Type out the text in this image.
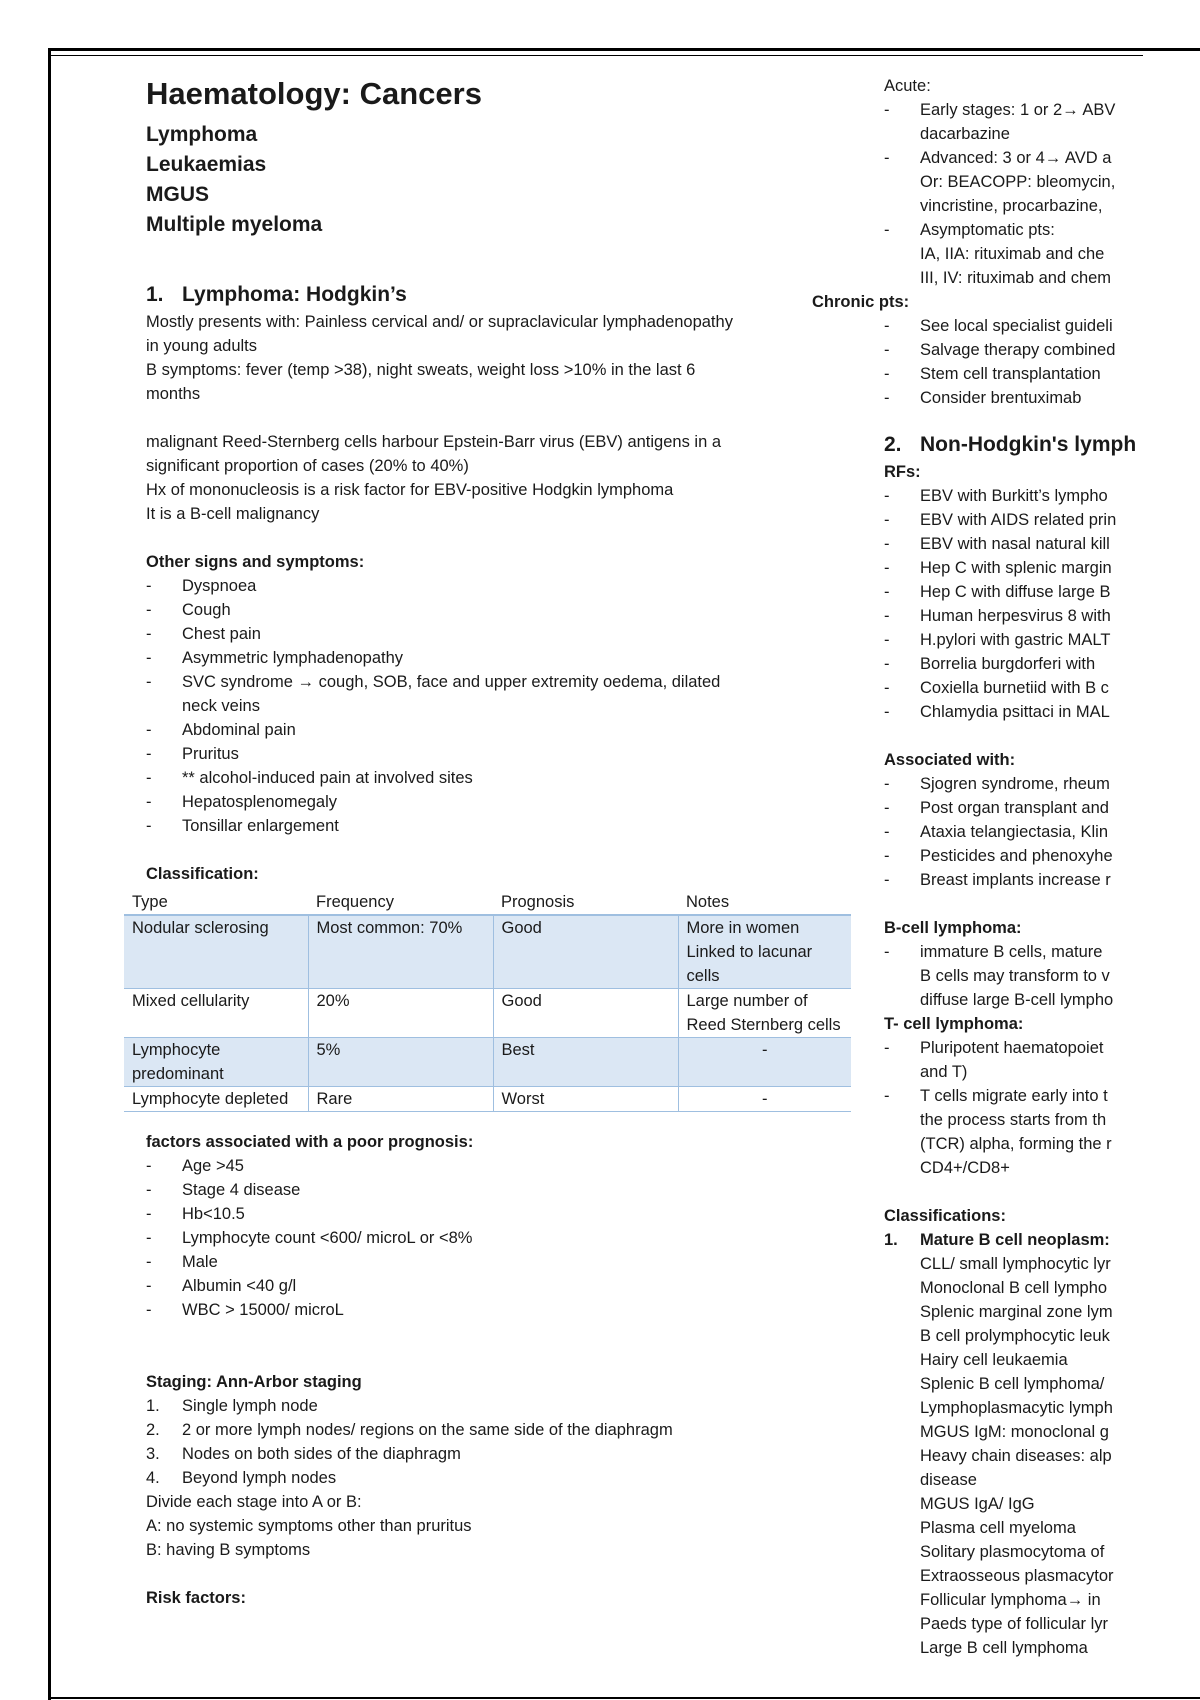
Haematology: Cancers
Lymphoma
Leukaemias
MGUS
Multiple myeloma
1. Lymphoma: Hodgkin’s

Mostly presents with: Painless cervical and/ or supraclavicular lymphadenopathy

in young adults

B symptoms: fever (temp >38), night sweats, weight loss >10% in the last 6

months

malignant Reed-Sternberg cells harbour Epstein-Barr virus (EBV) antigens in a

significant proportion of cases (20% to 40%)

Hx of mononucleosis is a risk factor for EBV-positive Hodgkin lymphoma

It is a B-cell malignancy

Other signs and symptoms:
- Dyspnoea
- Cough
- Chest pain
- Asymmetric lymphadenopathy
- SVC syndrome → cough, SOB, face and upper extremity oedema, dilated neck veins
- Abdominal pain
- Pruritus
- ** alcohol-induced pain at involved sites
- Hepatosplenomegaly
- Tonsillar enlargement
Classification:
Type	Frequency	Prognosis	Notes
Nodular sclerosing	Most common: 70%	Good	More in women Linked to lacunar cells
Mixed cellularity	20%	Good	Large number of Reed Sternberg cells
Lymphocyte predominant	5%	Best	-
Lymphocyte depleted	Rare	Worst	-
factors associated with a poor prognosis:
- Age >45
- Stage 4 disease
- Hb<10.5
- Lymphocyte count <600/ microL or <8%
- Male
- Albumin <40 g/l
- WBC > 15000/ microL
Staging: Ann-Arbor staging
1. Single lymph node
2. 2 or more lymph nodes/ regions on the same side of the diaphragm
3. Nodes on both sides of the diaphragm
4. Beyond lymph nodes

Divide each stage into A or B:

A: no systemic symptoms other than pruritus

B: having B symptoms

Risk factors:
Acute:
- Early stages: 1 or 2→ ABV
dacarbazine
- Advanced: 3 or 4→ AVD a
Or: BEACOPP: bleomycin,
vincristine, procarbazine,
- Asymptomatic pts:
IA, IIA: rituximab and che
III, IV: rituximab and chem
Chronic pts:
- See local specialist guideli
- Salvage therapy combined
- Stem cell transplantation
- Consider brentuximab
2. Non-Hodgkin's lymph
RFs:
- EBV with Burkitt’s lympho
- EBV with AIDS related prin
- EBV with nasal natural kill
- Hep C with splenic margin
- Hep C with diffuse large B
- Human herpesvirus 8 with
- H.pylori with gastric MALT
- Borrelia burgdorferi with
- Coxiella burnetiid with B c
- Chlamydia psittaci in MAL
Associated with:
- Sjogren syndrome, rheum
- Post organ transplant and
- Ataxia telangiectasia, Klin
- Pesticides and phenoxyhe
- Breast implants increase r
B-cell lymphoma:
- immature B cells, mature
B cells may transform to v
diffuse large B-cell lympho
T- cell lymphoma:
- Pluripotent haematopoiet
and T)
- T cells migrate early into t
the process starts from th
(TCR) alpha, forming the r
CD4+/CD8+
Classifications:
1. Mature B cell neoplasm:
CLL/ small lymphocytic lyr
Monoclonal B cell lympho
Splenic marginal zone lym
B cell prolymphocytic leuk
Hairy cell leukaemia
Splenic B cell lymphoma/
Lymphoplasmacytic lymph
MGUS IgM: monoclonal g
Heavy chain diseases: alp
disease
MGUS IgA/ IgG
Plasma cell myeloma
Solitary plasmocytoma of
Extraosseous plasmacytor
Follicular lymphoma→ in
Paeds type of follicular lyr
Large B cell lymphoma
